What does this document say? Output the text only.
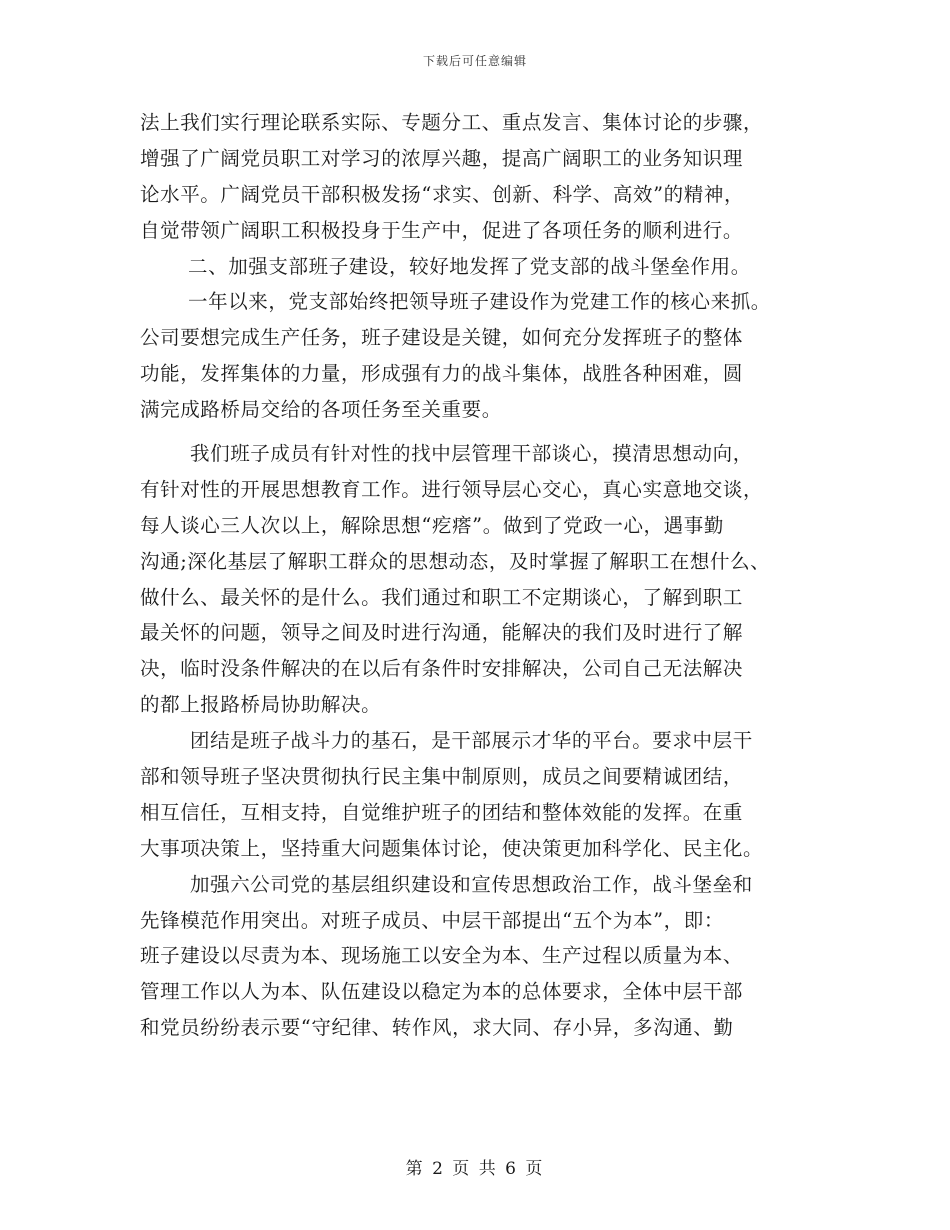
下载后可任意编辑
法上我们实行理论联系实际、专题分工、重点发言、集体讨论的步骤，
增强了广阔党员职工对学习的浓厚兴趣，提高广阔职工的业务知识理
论水平。广阔党员干部积极发扬“求实、创新、科学、高效”的精神，
自觉带领广阔职工积极投身于生产中，促进了各项任务的顺利进行。
二、加强支部班子建设，较好地发挥了党支部的战斗堡垒作用。
一年以来，党支部始终把领导班子建设作为党建工作的核心来抓。
公司要想完成生产任务，班子建设是关键，如何充分发挥班子的整体
功能，发挥集体的力量，形成强有力的战斗集体，战胜各种困难，圆
满完成路桥局交给的各项任务至关重要。
我们班子成员有针对性的找中层管理干部谈心，摸清思想动向，
有针对性的开展思想教育工作。进行领导层心交心，真心实意地交谈，
每人谈心三人次以上，解除思想“疙瘩”。做到了党政一心，遇事勤
沟通;深化基层了解职工群众的思想动态，及时掌握了解职工在想什么、
做什么、最关怀的是什么。我们通过和职工不定期谈心，了解到职工
最关怀的问题，领导之间及时进行沟通，能解决的我们及时进行了解
决，临时没条件解决的在以后有条件时安排解决，公司自己无法解决
的都上报路桥局协助解决。
团结是班子战斗力的基石，是干部展示才华的平台。要求中层干
部和领导班子坚决贯彻执行民主集中制原则，成员之间要精诚团结，
相互信任，互相支持，自觉维护班子的团结和整体效能的发挥。在重
大事项决策上，坚持重大问题集体讨论，使决策更加科学化、民主化。
加强六公司党的基层组织建设和宣传思想政治工作，战斗堡垒和
先锋模范作用突出。对班子成员、中层干部提出“五个为本”，即：
班子建设以尽责为本、现场施工以安全为本、生产过程以质量为本、
管理工作以人为本、队伍建设以稳定为本的总体要求，全体中层干部
和党员纷纷表示要“守纪律、转作风，求大同、存小异，多沟通、勤
第 2 页 共 6 页
